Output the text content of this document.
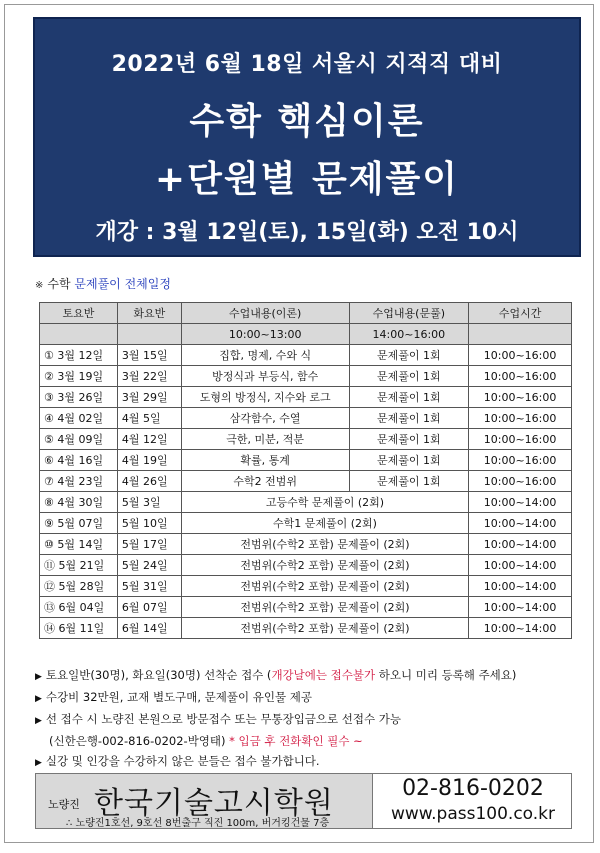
2022년 6월 18일 서울시 지적직 대비
수학 핵심이론
+단원별 문제풀이
개강 : 3월 12일(토), 15일(화) 오전 10시
※ 수학 문제풀이 전체일정
토요반	화요반	수업내용(이론)	수업내용(문풀)	수업시간
		10:00~13:00	14:00~16:00	
① 3월 12일	3월 15일	집합, 명제, 수와 식	문제풀이 1회	10:00~16:00
② 3월 19일	3월 22일	방정식과 부등식, 함수	문제풀이 1회	10:00~16:00
③ 3월 26일	3월 29일	도형의 방정식, 지수와 로그	문제풀이 1회	10:00~16:00
④ 4월 02일	4월 5일	삼각함수, 수열	문제풀이 1회	10:00~16:00
⑤ 4월 09일	4월 12일	극한, 미분, 적분	문제풀이 1회	10:00~16:00
⑥ 4월 16일	4월 19일	확률, 통계	문제풀이 1회	10:00~16:00
⑦ 4월 23일	4월 26일	수학2 전범위	문제풀이 1회	10:00~16:00
⑧ 4월 30일	5월 3일	고등수학 문제풀이 (2회)		10:00~14:00
⑨ 5월 07일	5월 10일	수학1 문제풀이 (2회)		10:00~14:00
⑩ 5월 14일	5월 17일	전범위(수학2 포함) 문제풀이 (2회)		10:00~14:00
⑪ 5월 21일	5월 24일	전범위(수학2 포함) 문제풀이 (2회)		10:00~14:00
⑫ 5월 28일	5월 31일	전범위(수학2 포함) 문제풀이 (2회)		10:00~14:00
⑬ 6월 04일	6월 07일	전범위(수학2 포함) 문제풀이 (2회)		10:00~14:00
⑭ 6월 11일	6월 14일	전범위(수학2 포함) 문제풀이 (2회)		10:00~14:00
▶ 토요일반(30명), 화요일(30명) 선착순 접수 (개강날에는 접수불가 하오니 미리 등록해 주세요)
▶ 수강비 32만원, 교재 별도구매, 문제풀이 유인물 제공
▶ 선 접수 시 노량진 본원으로 방문접수 또는 무통장입금으로 선접수 가능
(신한은행-002-816-0202-박영태) * 입금 후 전화확인 필수 ~
▶ 실강 및 인강을 수강하지 않은 분들은 접수 불가합니다.
노량진 한국기술고시학원
∴ 노량진1호선, 9호선 8번출구 직진 100m, 버거킹건물 7층
02-816-0202
www.pass100.co.kr
